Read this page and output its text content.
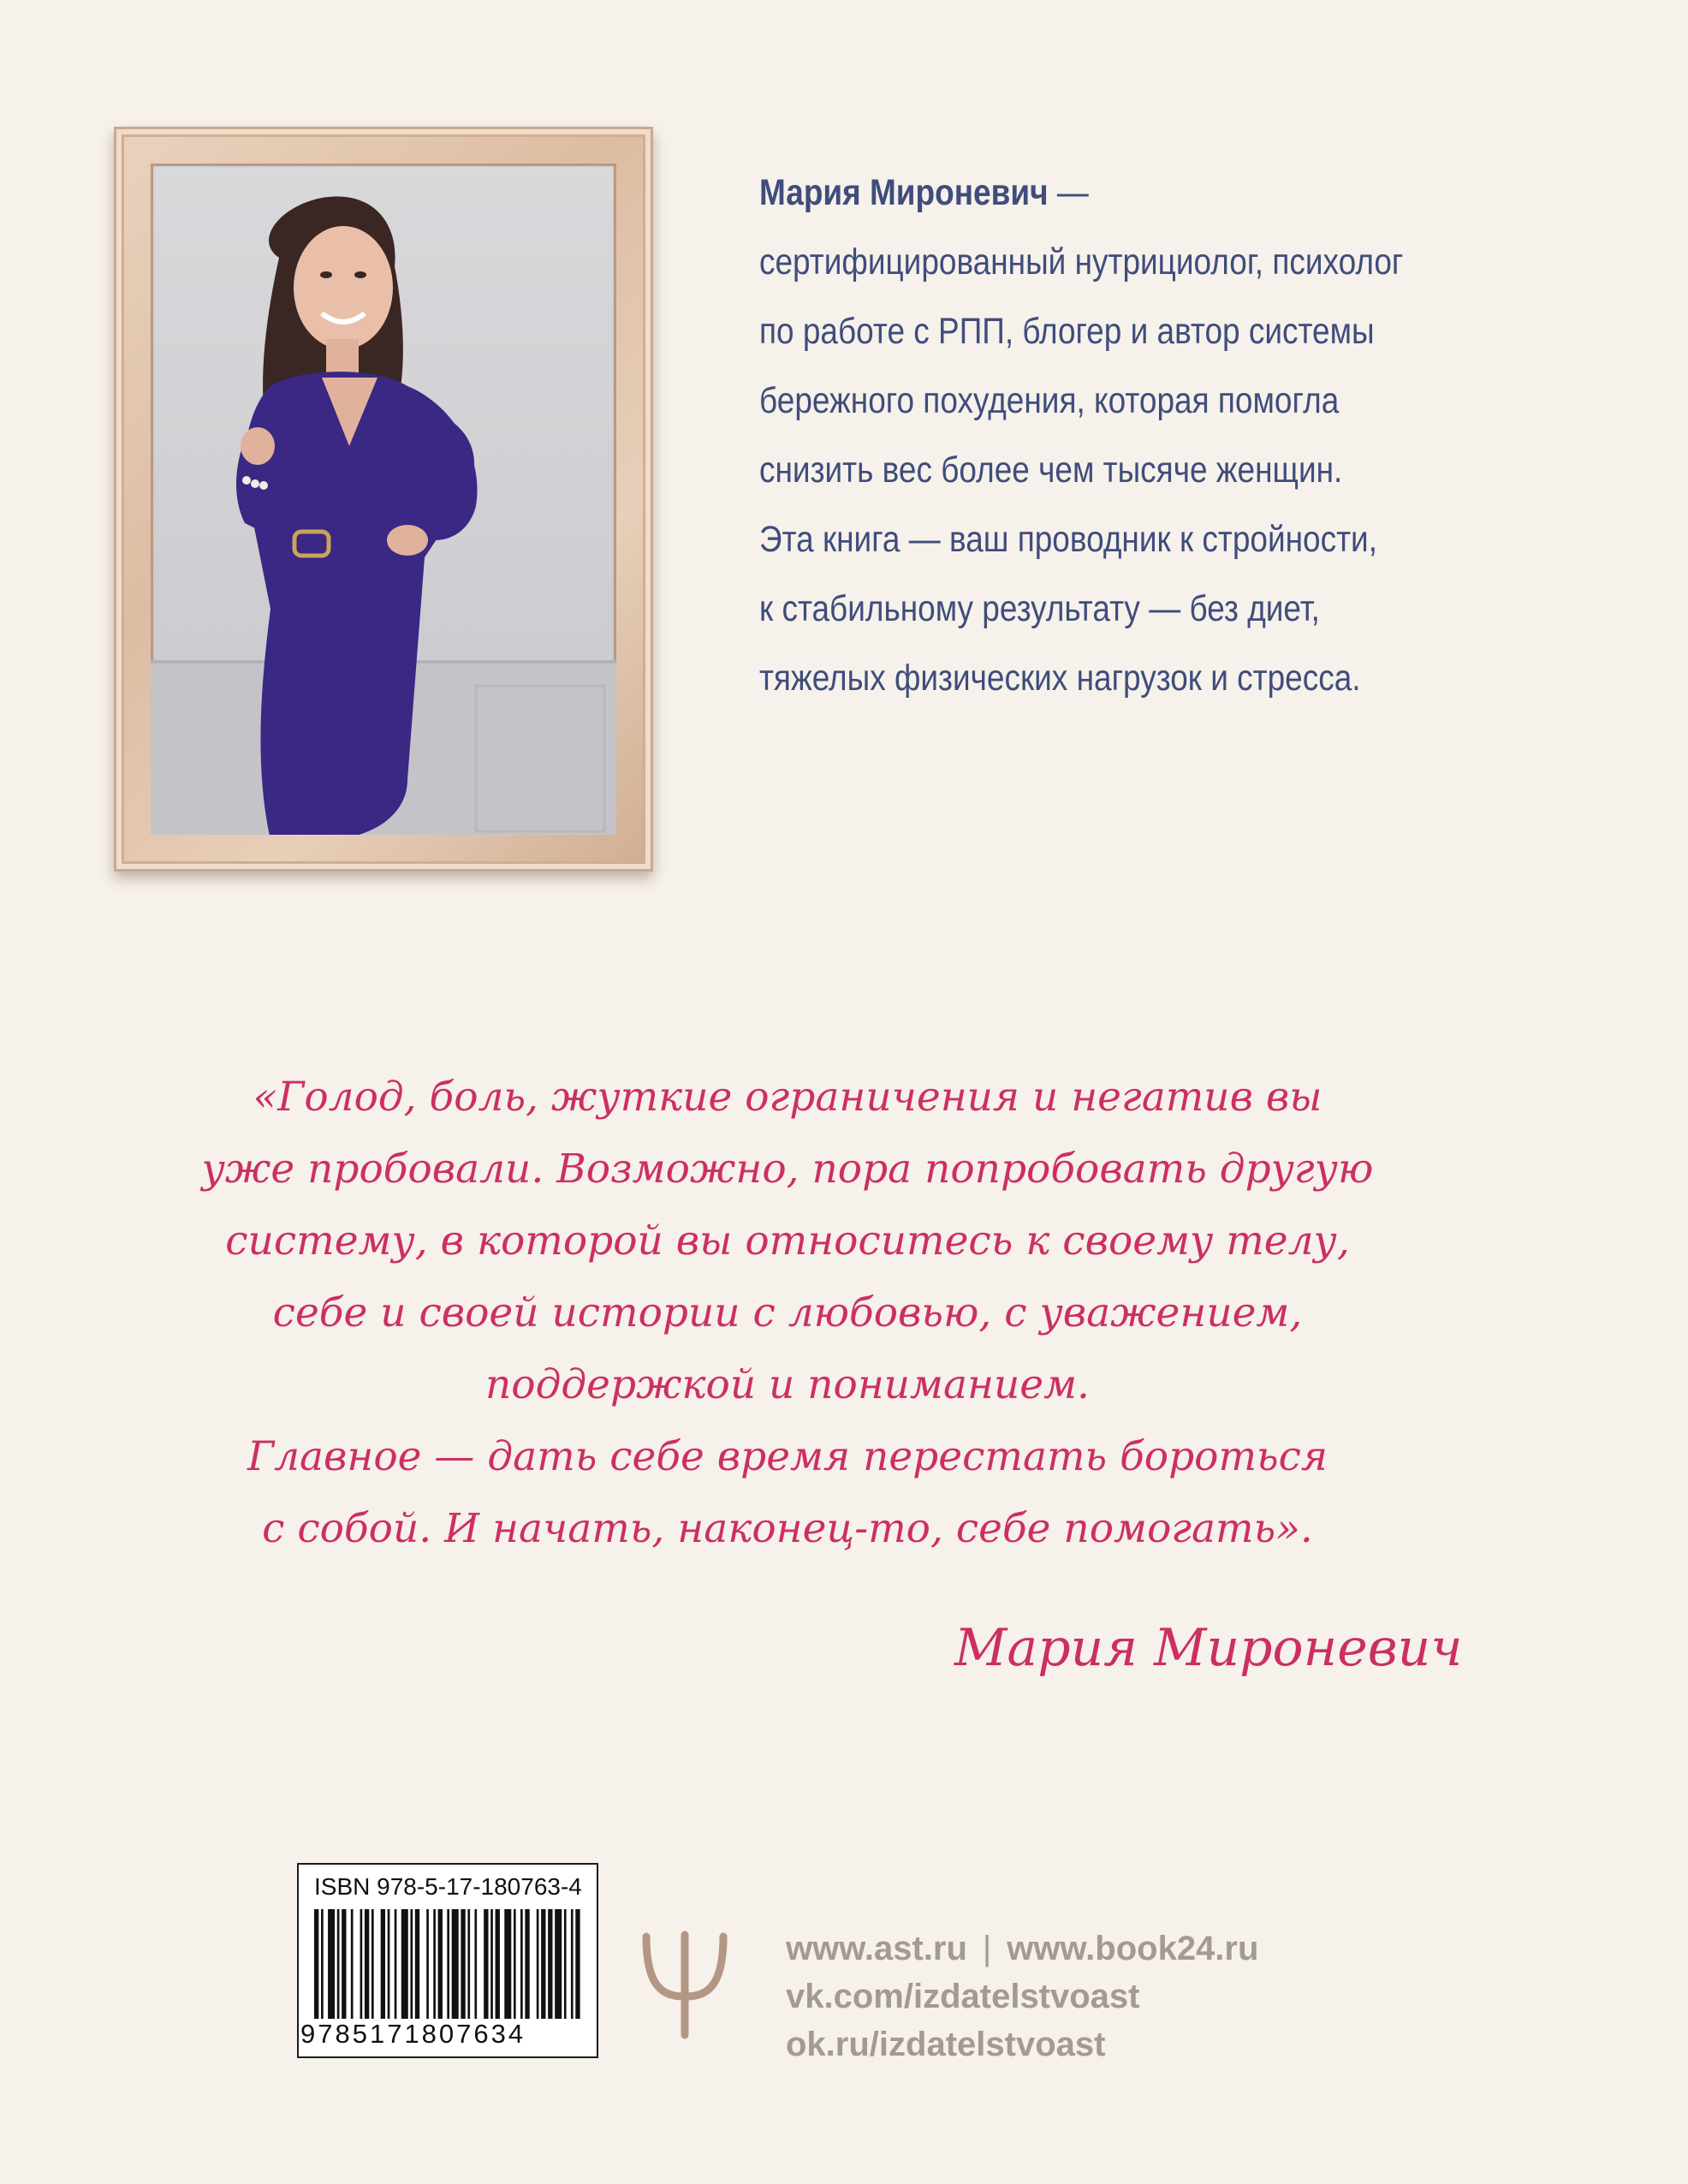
Мария Мироневич —
сертифицированный нутрициолог, психолог
по работе с РПП, блогер и автор системы
бережного похудения, которая помогла
снизить вес более чем тысяче женщин.
Эта книга — ваш проводник к стройности,
к стабильному результату — без диет,
тяжелых физических нагрузок и стресса.
«Голод, боль, жуткие ограничения и негатив вы
уже пробовали. Возможно, пора попробовать другую
систему, в которой вы относитесь к своему телу,
себе и своей истории с любовью, с уважением,
поддержкой и пониманием.
Главное — дать себе время перестать бороться
с собой. И начать, наконец-то, себе помогать».
Мария Мироневич
ISBN 978-5-17-180763-4
9785171807634
www.ast.ru | www.book24.ru
vk.com/izdatelstvoast
ok.ru/izdatelstvoast
